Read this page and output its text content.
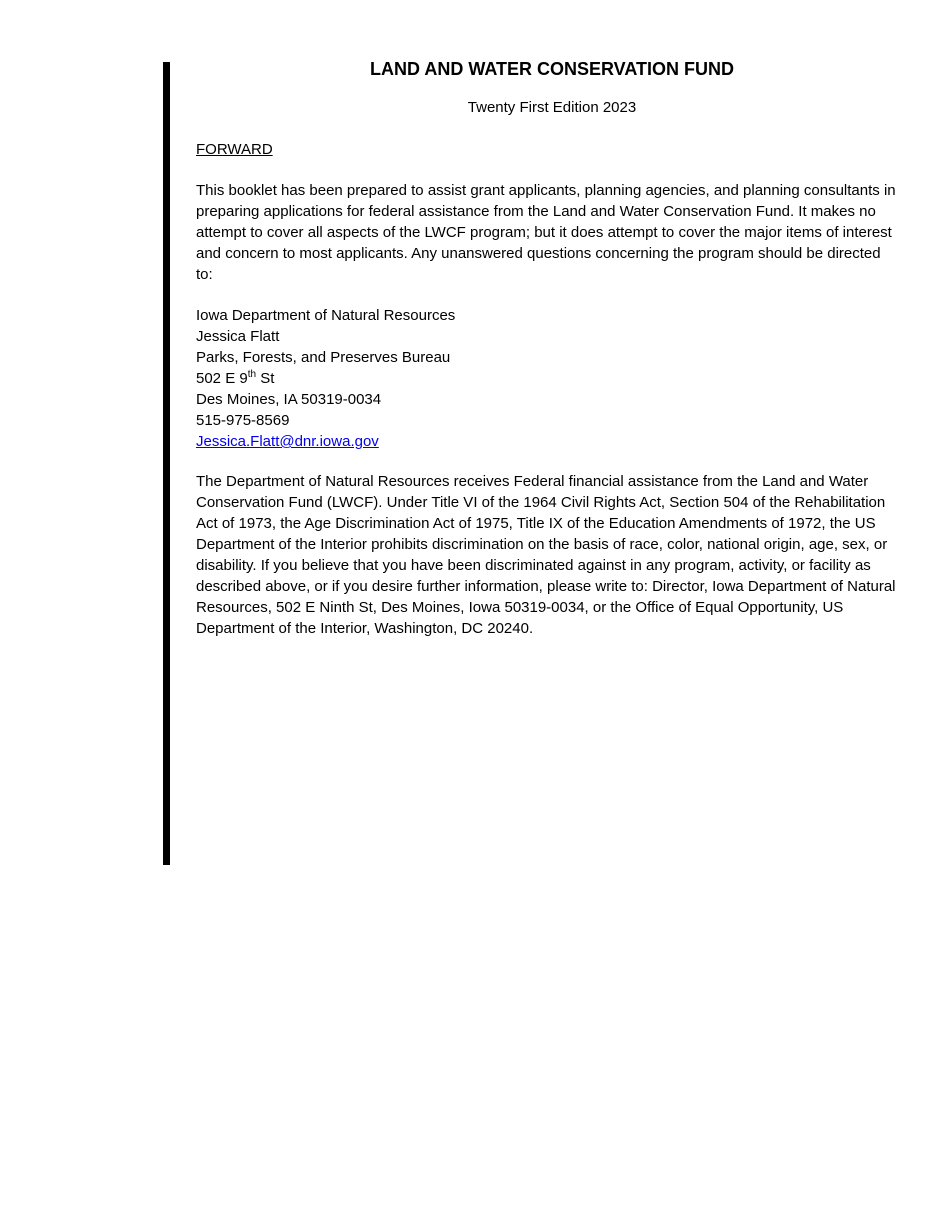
LAND AND WATER CONSERVATION FUND
Twenty First Edition 2023
FORWARD
This booklet has been prepared to assist grant applicants, planning agencies, and planning consultants in preparing applications for federal assistance from the Land and Water Conservation Fund. It makes no attempt to cover all aspects of the LWCF program; but it does attempt to cover the major items of interest and concern to most applicants. Any unanswered questions concerning the program should be directed to:
Iowa Department of Natural Resources
Jessica Flatt
Parks, Forests, and Preserves Bureau
502 E 9th St
Des Moines, IA 50319-0034
515-975-8569
Jessica.Flatt@dnr.iowa.gov
The Department of Natural Resources receives Federal financial assistance from the Land and Water Conservation Fund (LWCF). Under Title VI of the 1964 Civil Rights Act, Section 504 of the Rehabilitation Act of 1973, the Age Discrimination Act of 1975, Title IX of the Education Amendments of 1972, the US Department of the Interior prohibits discrimination on the basis of race, color, national origin, age, sex, or disability. If you believe that you have been discriminated against in any program, activity, or facility as described above, or if you desire further information, please write to: Director, Iowa Department of Natural Resources, 502 E Ninth St, Des Moines, Iowa 50319-0034, or the Office of Equal Opportunity, US Department of the Interior, Washington, DC 20240.
